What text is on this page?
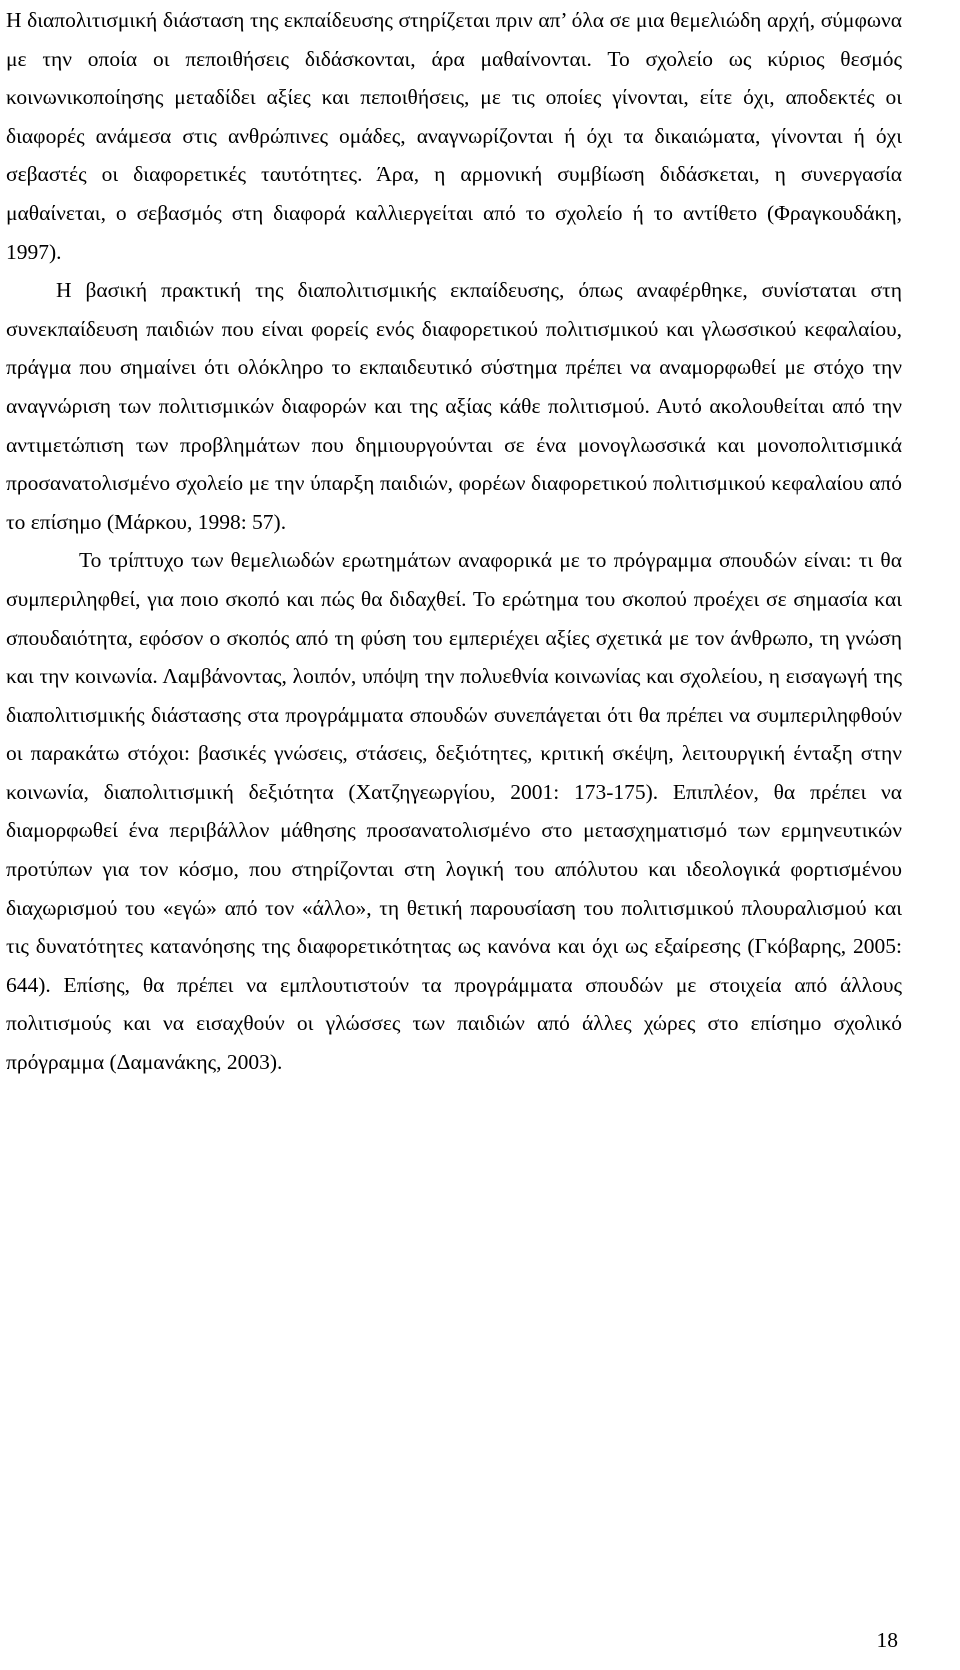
Η διαπολιτισμική διάσταση της εκπαίδευσης στηρίζεται πριν απ’ όλα σε μια θεμελιώδη αρχή, σύμφωνα με την οποία οι πεποιθήσεις διδάσκονται, άρα μαθαίνονται. Το σχολείο ως κύριος θεσμός κοινωνικοποίησης μεταδίδει αξίες και πεποιθήσεις, με τις οποίες γίνονται, είτε όχι, αποδεκτές οι διαφορές ανάμεσα στις ανθρώπινες ομάδες, αναγνωρίζονται ή όχι τα δικαιώματα, γίνονται ή όχι σεβαστές οι διαφορετικές ταυτότητες. Άρα, η αρμονική συμβίωση διδάσκεται, η συνεργασία μαθαίνεται, ο σεβασμός στη διαφορά καλλιεργείται από το σχολείο ή το αντίθετο (Φραγκουδάκη, 1997).

Η βασική πρακτική της διαπολιτισμικής εκπαίδευσης, όπως αναφέρθηκε, συνίσταται στη συνεκπαίδευση παιδιών που είναι φορείς ενός διαφορετικού πολιτισμικού και γλωσσικού κεφαλαίου, πράγμα που σημαίνει ότι ολόκληρο το εκπαιδευτικό σύστημα πρέπει να αναμορφωθεί με στόχο την αναγνώριση των πολιτισμικών διαφορών και της αξίας κάθε πολιτισμού. Αυτό ακολουθείται από την αντιμετώπιση των προβλημάτων που δημιουργούνται σε ένα μονογλωσσικά και μονοπολιτισμικά προσανατολισμένο σχολείο με την ύπαρξη παιδιών, φορέων διαφορετικού πολιτισμικού κεφαλαίου από το επίσημο (Μάρκου, 1998: 57).

Το τρίπτυχο των θεμελιωδών ερωτημάτων αναφορικά με το πρόγραμμα σπουδών είναι: τι θα συμπεριληφθεί, για ποιο σκοπό και πώς θα διδαχθεί. Το ερώτημα του σκοπού προέχει σε σημασία και σπουδαιότητα, εφόσον ο σκοπός από τη φύση του εμπεριέχει αξίες σχετικά με τον άνθρωπο, τη γνώση και την κοινωνία. Λαμβάνοντας, λοιπόν, υπόψη την πολυεθνία κοινωνίας και σχολείου, η εισαγωγή της διαπολιτισμικής διάστασης στα προγράμματα σπουδών συνεπάγεται ότι θα πρέπει να συμπεριληφθούν οι παρακάτω στόχοι: βασικές γνώσεις, στάσεις, δεξιότητες, κριτική σκέψη, λειτουργική ένταξη στην κοινωνία, διαπολιτισμική δεξιότητα (Χατζηγεωργίου, 2001: 173-175). Επιπλέον, θα πρέπει να διαμορφωθεί ένα περιβάλλον μάθησης προσανατολισμένο στο μετασχηματισμό των ερμηνευτικών προτύπων για τον κόσμο, που στηρίζονται στη λογική του απόλυτου και ιδεολογικά φορτισμένου διαχωρισμού του «εγώ» από τον «άλλο», τη θετική παρουσίαση του πολιτισμικού πλουραλισμού και τις δυνατότητες κατανόησης της διαφορετικότητας ως κανόνα και όχι ως εξαίρεσης (Γκόβαρης, 2005: 644). Επίσης, θα πρέπει να εμπλουτιστούν τα προγράμματα σπουδών με στοιχεία από άλλους πολιτισμούς και να εισαχθούν οι γλώσσες των παιδιών από άλλες χώρες στο επίσημο σχολικό πρόγραμμα (Δαμανάκης, 2003).

18
